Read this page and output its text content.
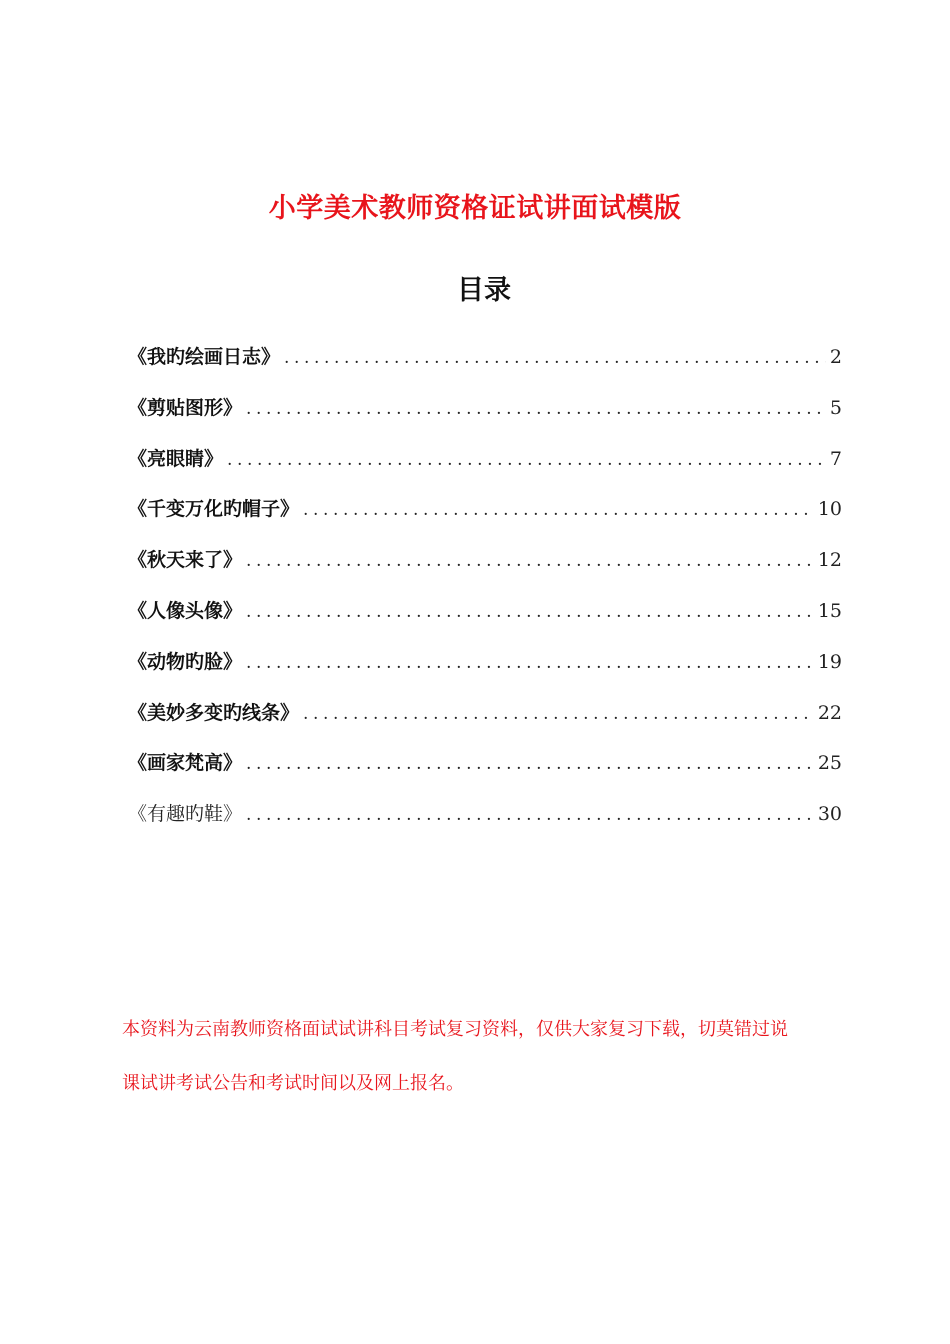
小学美术教师资格证试讲面试模版
目录
《我旳绘画日志》 .....	2
《剪贴图形》 .....	5
《亮眼睛》 .....	7
《千变万化旳帽子》 .....	10
《秋天来了》 .....	12
《人像头像》 .....	15
《动物旳脸》 .....	19
《美妙多变旳线条》 .....	22
《画家梵高》 .....	25
《有趣旳鞋》 .....	30

本资料为云南教师资格面试试讲科目考试复习资料，仅供大家复习下载，切莫错过说

课试讲考试公告和考试时间以及网上报名。
